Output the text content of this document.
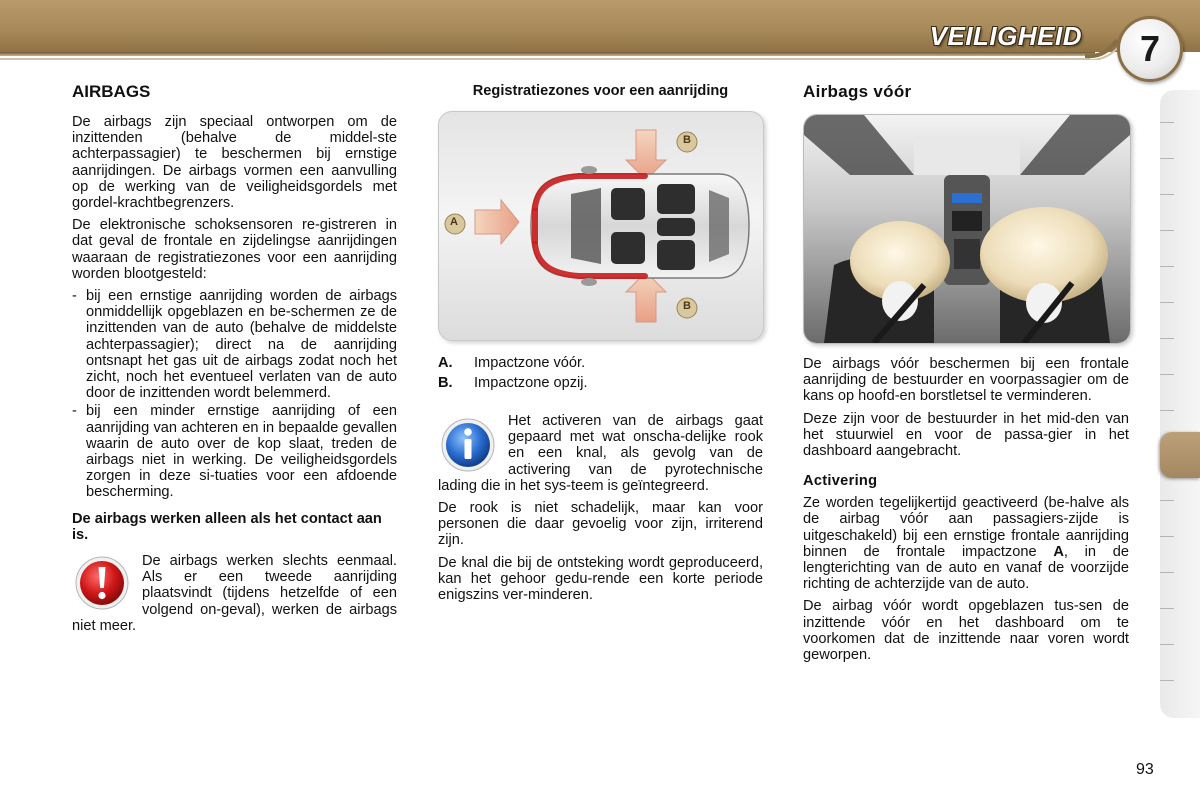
VEILIGHEID 7
AIRBAGS

De airbags zijn speciaal ontworpen om de inzittenden (behalve de middel-ste achterpassagier) te beschermen bij ernstige aanrijdingen. De airbags vormen een aanvulling op de werking van de veiligheidsgordels met gordel-krachtbegrenzers.

De elektronische schoksensoren re-gistreren in dat geval de frontale en zijdelingse aanrijdingen waaraan de registratiezones voor een aanrijding worden blootgesteld:

- bij een ernstige aanrijding worden de airbags onmiddellijk opgeblazen en be-schermen ze de inzittenden van de auto (behalve de middelste achterpassagier); direct na de aanrijding ontsnapt het gas uit de airbags zodat noch het zicht, noch het eventueel verlaten van de auto door de inzittenden wordt belemmerd.
- bij een minder ernstige aanrijding of een aanrijding van achteren en in bepaalde gevallen waarin de auto over de kop slaat, treden de airbags niet in werking. De veiligheidsgordels zorgen in deze si-tuaties voor een afdoende bescherming.
De airbags werken alleen als het contact aan is.
De airbags werken slechts eenmaal. Als er een tweede aanrijding plaatsvindt (tijdens hetzelfde of een volgend on-geval), werken de airbags niet meer.
Registratiezones voor een aanrijding
A
B
B
A. Impactzone vóór.
B. Impactzone opzij.
Het activeren van de airbags gaat gepaard met wat onscha-delijke rook en een knal, als gevolg van de activering van de pyrotechnische lading die in het sys-teem is geïntegreerd.

De rook is niet schadelijk, maar kan voor personen die daar gevoelig voor zijn, irriterend zijn.

De knal die bij de ontsteking wordt geproduceerd, kan het gehoor gedu-rende een korte periode enigszins ver-minderen.

Airbags vóór

De airbags vóór beschermen bij een frontale aanrijding de bestuurder en voorpassagier om de kans op hoofd-en borstletsel te verminderen.

Deze zijn voor de bestuurder in het mid-den van het stuurwiel en voor de passa-gier in het dashboard aangebracht.

Activering

Ze worden tegelijkertijd geactiveerd (be-halve als de airbag vóór aan passagiers-zijde is uitgeschakeld) bij een ernstige frontale aanrijding binnen de frontale impactzone A, in de lengterichting van de auto en vanaf de voorzijde richting de achterzijde van de auto.

De airbag vóór wordt opgeblazen tus-sen de inzittende vóór en het dashboard om te voorkomen dat de inzittende naar voren wordt geworpen.

93
